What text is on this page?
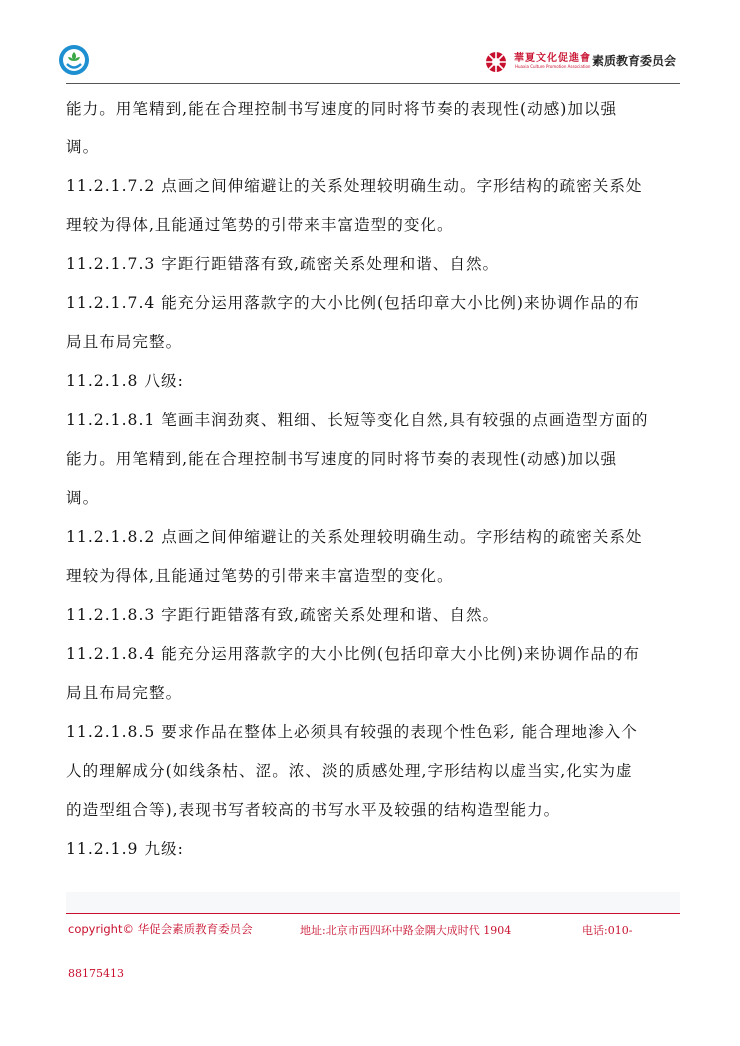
華夏文化促進會
Huaxia Culture Promotion Association 素质教育委员会
能力。用笔精到,能在合理控制书写速度的同时将节奏的表现性(动感)加以强
调。
11.2.1.7.2 点画之间伸缩避让的关系处理较明确生动。字形结构的疏密关系处
理较为得体,且能通过笔势的引带来丰富造型的变化。
11.2.1.7.3 字距行距错落有致,疏密关系处理和谐、自然。
11.2.1.7.4 能充分运用落款字的大小比例(包括印章大小比例)来协调作品的布
局且布局完整。
11.2.1.8 八级:
11.2.1.8.1 笔画丰润劲爽、粗细、长短等变化自然,具有较强的点画造型方面的
能力。用笔精到,能在合理控制书写速度的同时将节奏的表现性(动感)加以强
调。
11.2.1.8.2 点画之间伸缩避让的关系处理较明确生动。字形结构的疏密关系处
理较为得体,且能通过笔势的引带来丰富造型的变化。
11.2.1.8.3 字距行距错落有致,疏密关系处理和谐、自然。
11.2.1.8.4 能充分运用落款字的大小比例(包括印章大小比例)来协调作品的布
局且布局完整。
11.2.1.8.5 要求作品在整体上必须具有较强的表现个性色彩, 能合理地渗入个
人的理解成分(如线条枯、涩。浓、淡的质感处理,字形结构以虚当实,化实为虚
的造型组合等),表现书写者较高的书写水平及较强的结构造型能力。
11.2.1.9 九级:
copyright© 华促会素质教育委员会	地址:北京市西四环中路金隅大成时代 1904	电话:010-
88175413
